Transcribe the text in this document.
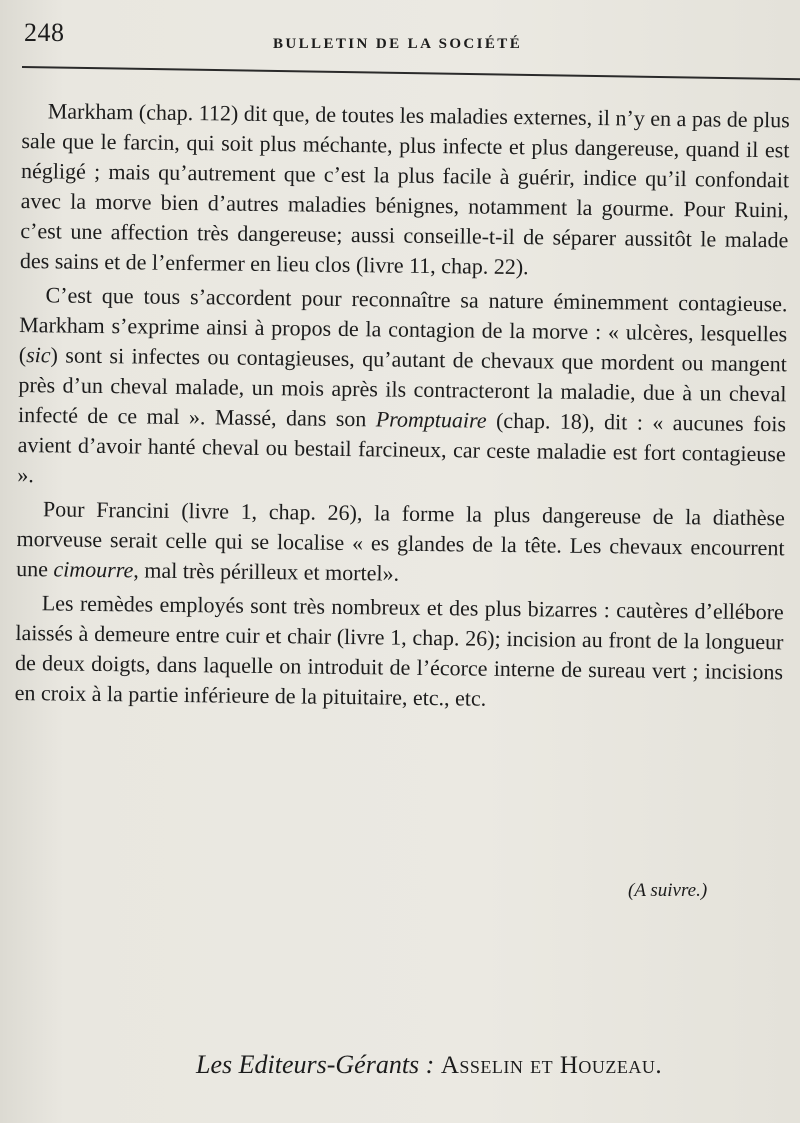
248	BULLETIN DE LA SOCIÉTÉ

Markham (chap. 112) dit que, de toutes les maladies externes, il n’y en a pas de plus sale que le farcin, qui soit plus méchante, plus infecte et plus dangereuse, quand il est négligé ; mais qu’autrement que c’est la plus facile à guérir, indice qu’il confondait avec la morve bien d’autres maladies bénignes, notamment la gourme. Pour Ruini, c’est une affection très dangereuse; aussi conseille-t-il de séparer aussitôt le malade des sains et de l’enfermer en lieu clos (livre 11, chap. 22).

C’est que tous s’accordent pour reconnaître sa nature éminemment contagieuse. Markham s’exprime ainsi à propos de la contagion de la morve : « ulcères, lesquelles (sic) sont si infectes ou contagieuses, qu’autant de chevaux que mordent ou mangent près d’un cheval malade, un mois après ils contracteront la maladie, due à un cheval infecté de ce mal ». Massé, dans son Promptuaire (chap. 18), dit : « aucunes fois avient d’avoir hanté cheval ou bestail farcineux, car ceste maladie est fort contagieuse ».

Pour Francini (livre 1, chap. 26), la forme la plus dangereuse de la diathèse morveuse serait celle qui se localise « es glandes de la tête. Les chevaux encourrent une cimourre, mal très périlleux et mortel».

Les remèdes employés sont très nombreux et des plus bizarres : cautères d’ellébore laissés à demeure entre cuir et chair (livre 1, chap. 26); incision au front de la longueur de deux doigts, dans laquelle on introduit de l’écorce interne de sureau vert ; incisions en croix à la partie inférieure de la pituitaire, etc., etc.

(A suivre.)
Les Editeurs-Gérants : Asselin et Houzeau.
